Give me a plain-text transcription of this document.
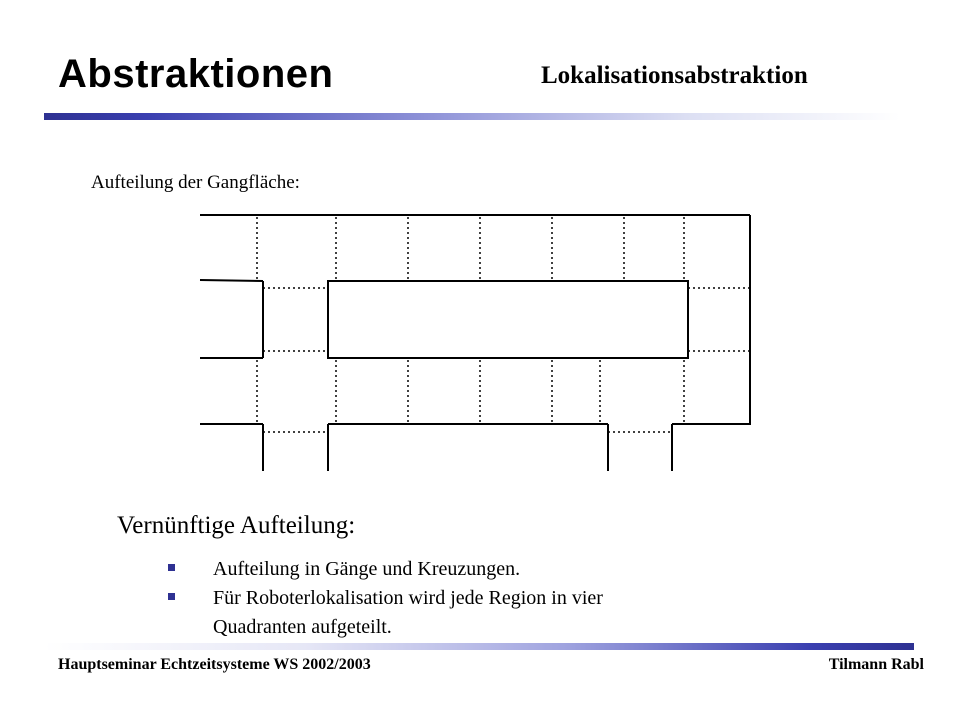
Abstraktionen	Lokalisationsabstraktion
Aufteilung der Gangfläche:
Vernünftige Aufteilung:
Aufteilung in Gänge und Kreuzungen.
Für Roboterlokalisation wird jede Region in vier
Quadranten aufgeteilt.
Hauptseminar Echtzeitsysteme WS 2002/2003	Tilmann Rabl
